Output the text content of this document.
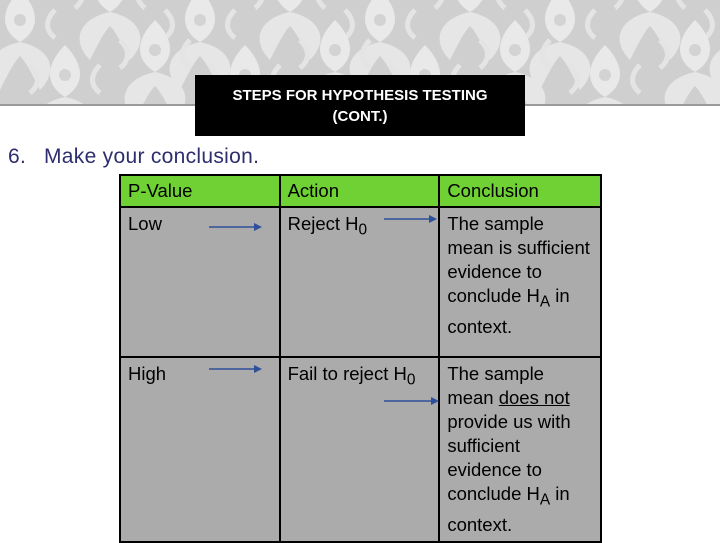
STEPS FOR HYPOTHESIS TESTING
(CONT.)
6. Make your conclusion.
P-Value	Action	Conclusion
Low	Reject $H_0$	The sample mean is sufficient evidence to conclude $H_A$ in context.
High	Fail to reject $H_0$	The sample mean does not provide us with sufficient evidence to conclude $H_A$ in context.
